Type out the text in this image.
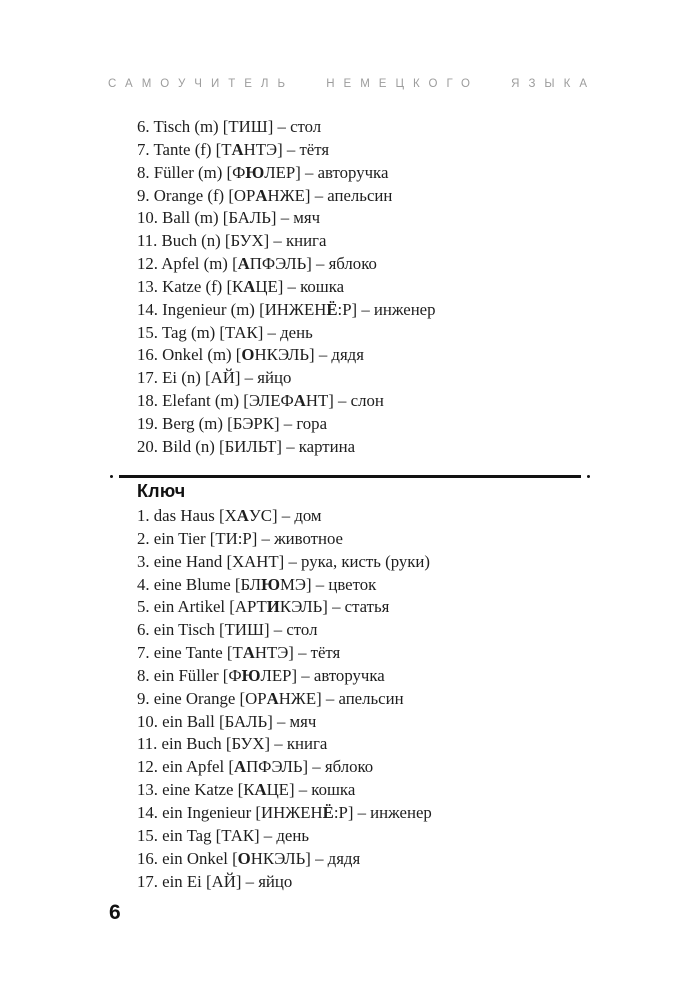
САМОУЧИТЕЛЬ НЕМЕЦКОГО ЯЗЫКА

6. Tisch (m) [ТИШ] – стол

7. Tante (f) [ТАНТЭ] – тётя

8. Füller (m) [ФЮЛЕР] – авторучка

9. Orange (f) [ОРАНЖЕ] – апельсин

10. Ball (m) [БАЛЬ] – мяч

11. Buch (n) [БУХ] – книга

12. Apfel (m) [АПФЭЛЬ] – яблоко

13. Katze (f) [КАЦЕ] – кошка

14. Ingenieur (m) [ИНЖЕНЁ:Р] – инженер

15. Tag (m) [ТАК] – день

16. Onkel (m) [ОНКЭЛЬ] – дядя

17. Ei (n) [АЙ] – яйцо

18. Elefant (m) [ЭЛЕФАНТ] – слон

19. Berg (m) [БЭРК] – гора

20. Bild (n) [БИЛЬТ] – картина

Ключ

1. das Haus [ХАУС] – дом

2. ein Tier [ТИ:Р] – животное

3. eine Hand [ХАНТ] – рука, кисть (руки)

4. eine Blume [БЛЮМЭ] – цветок

5. ein Artikel [АРТИКЭЛЬ] – статья

6. ein Tisch [ТИШ] – стол

7. eine Tante [ТАНТЭ] – тётя

8. ein Füller [ФЮЛЕР] – авторучка

9. eine Orange [ОРАНЖЕ] – апельсин

10. ein Ball [БАЛЬ] – мяч

11. ein Buch [БУХ] – книга

12. ein Apfel [АПФЭЛЬ] – яблоко

13. eine Katze [КАЦЕ] – кошка

14. ein Ingenieur [ИНЖЕНЁ:Р] – инженер

15. ein Tag [ТАК] – день

16. ein Onkel [ОНКЭЛЬ] – дядя

17. ein Ei [АЙ] – яйцо

6
